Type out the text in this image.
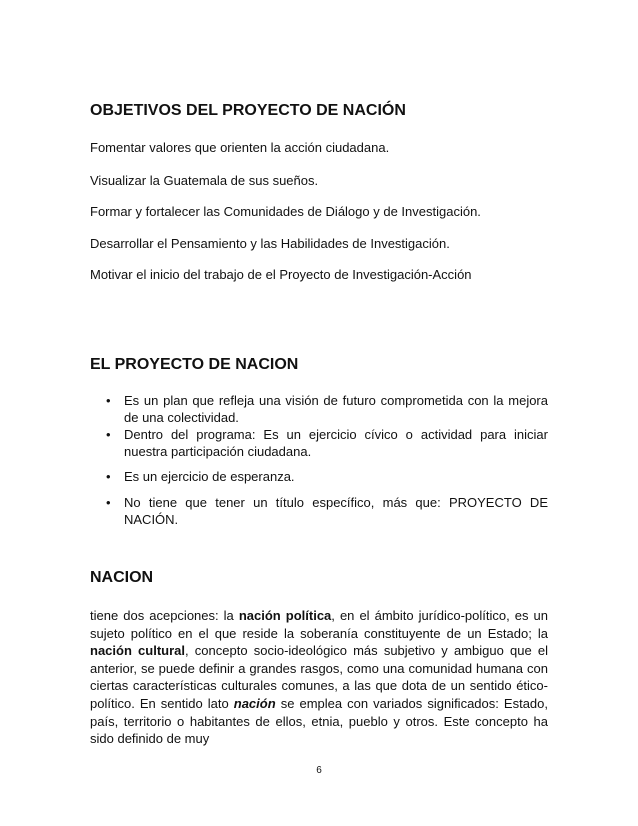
OBJETIVOS DEL PROYECTO DE NACIÓN

Fomentar valores que orienten la acción ciudadana.

Visualizar la Guatemala de sus sueños.

Formar y fortalecer las Comunidades de Diálogo y de Investigación.

Desarrollar el Pensamiento y las Habilidades de Investigación.

Motivar el inicio del trabajo de el Proyecto de Investigación-Acción

EL PROYECTO DE NACION
• Es un plan que refleja una visión de futuro comprometida con la mejora de una colectividad.
• Dentro del programa: Es un ejercicio cívico o actividad para iniciar nuestra participación ciudadana.
• Es un ejercicio de esperanza.
• No tiene que tener un título específico, más que: PROYECTO DE NACIÓN.
NACION

tiene dos acepciones: la nación política, en el ámbito jurídico-político, es un sujeto político en el que reside la soberanía constituyente de un Estado; la nación cultural, concepto socio-ideológico más subjetivo y ambiguo que el anterior, se puede definir a grandes rasgos, como una comunidad humana con ciertas características culturales comunes, a las que dota de un sentido ético-político. En sentido lato nación se emplea con variados significados: Estado, país, territorio o habitantes de ellos, etnia, pueblo y otros. Este concepto ha sido definido de muy

6
